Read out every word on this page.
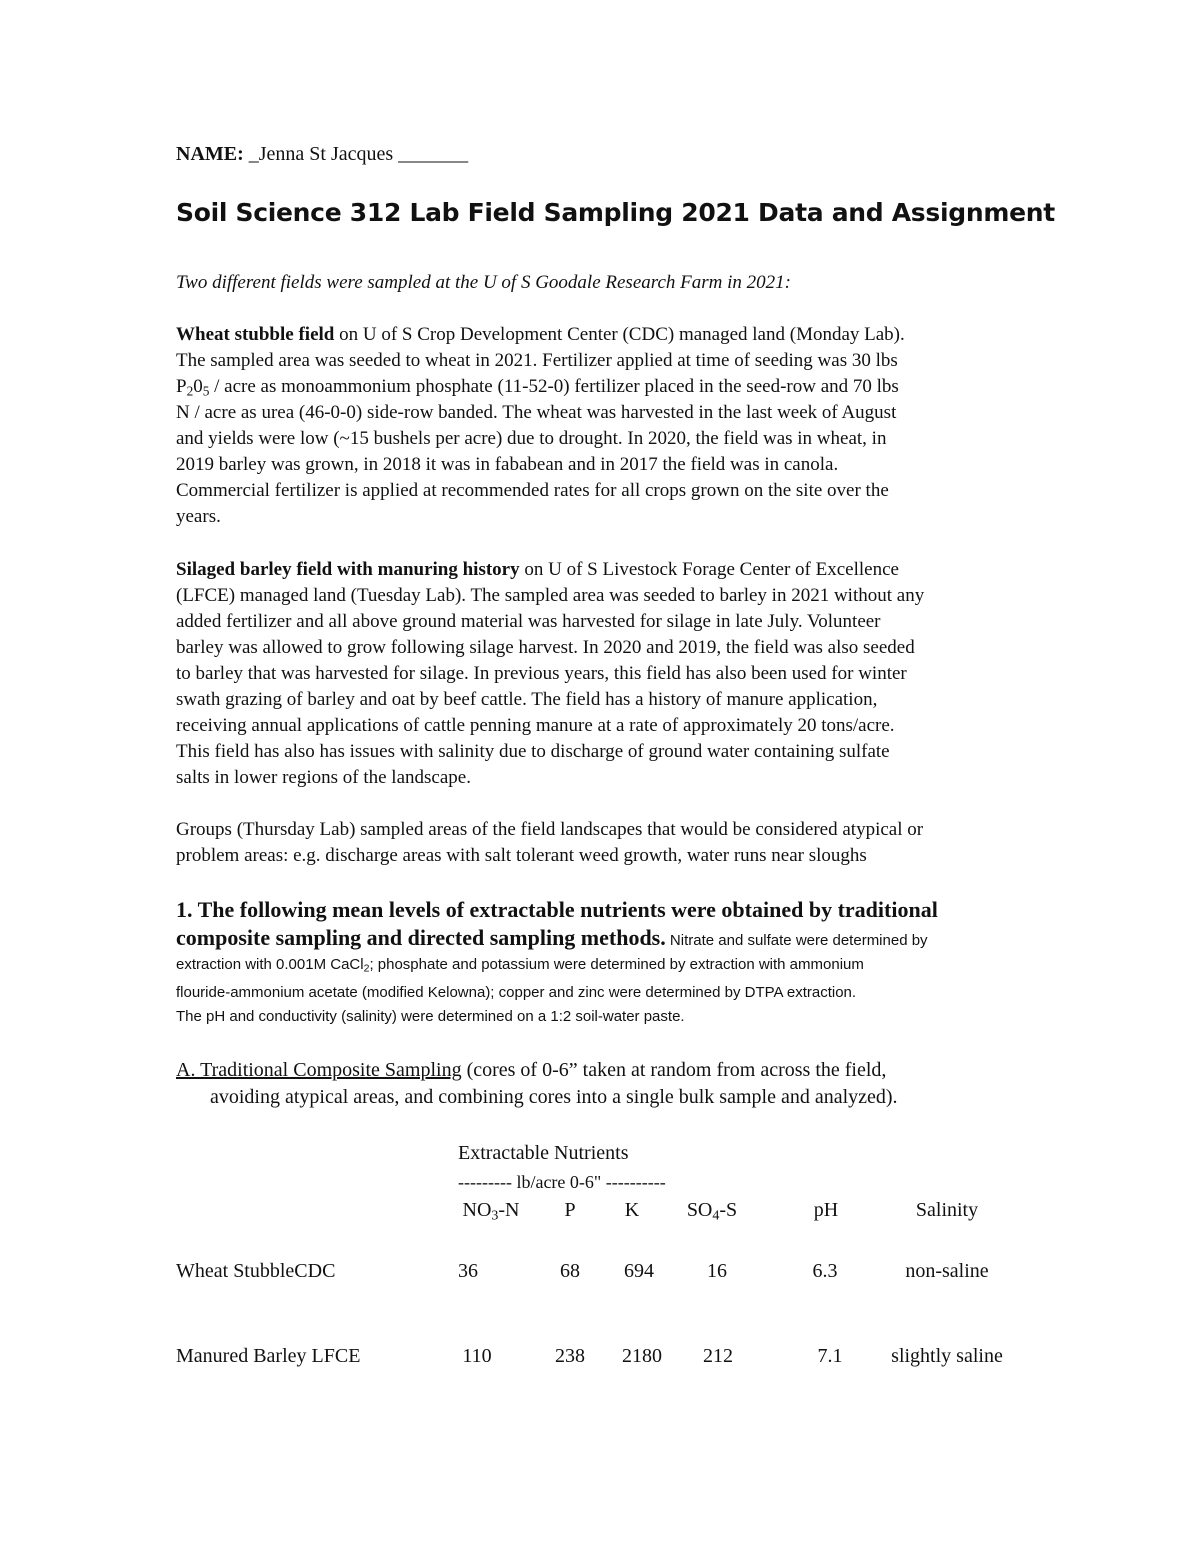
NAME: _Jenna St Jacques _______
Soil Science 312 Lab Field Sampling 2021 Data and Assignment
Two different fields were sampled at the U of S Goodale Research Farm in 2021:
Wheat stubble field on U of S Crop Development Center (CDC) managed land (Monday Lab).
The sampled area was seeded to wheat in 2021. Fertilizer applied at time of seeding was 30 lbs
$P_20_5$ / acre as monoammonium phosphate (11-52-0) fertilizer placed in the seed-row and 70 lbs
N / acre as urea (46-0-0) side-row banded. The wheat was harvested in the last week of August
and yields were low (~15 bushels per acre) due to drought. In 2020, the field was in wheat, in
2019 barley was grown, in 2018 it was in fababean and in 2017 the field was in canola.
Commercial fertilizer is applied at recommended rates for all crops grown on the site over the
years.
Silaged barley field with manuring history on U of S Livestock Forage Center of Excellence
(LFCE) managed land (Tuesday Lab). The sampled area was seeded to barley in 2021 without any
added fertilizer and all above ground material was harvested for silage in late July. Volunteer
barley was allowed to grow following silage harvest. In 2020 and 2019, the field was also seeded
to barley that was harvested for silage. In previous years, this field has also been used for winter
swath grazing of barley and oat by beef cattle. The field has a history of manure application,
receiving annual applications of cattle penning manure at a rate of approximately 20 tons/acre.
This field has also has issues with salinity due to discharge of ground water containing sulfate
salts in lower regions of the landscape.
Groups (Thursday Lab) sampled areas of the field landscapes that would be considered atypical or
problem areas: e.g. discharge areas with salt tolerant weed growth, water runs near sloughs
1. The following mean levels of extractable nutrients were obtained by traditional
composite sampling and directed sampling methods. Nitrate and sulfate were determined by
extraction with 0.001M CaCl$_2$; phosphate and potassium were determined by extraction with ammonium
flouride-ammonium acetate (modified Kelowna); copper and zinc were determined by DTPA extraction.
The pH and conductivity (salinity) were determined on a 1:2 soil-water paste.
A. Traditional Composite Sampling (cores of 0-6” taken at random from across the field,
avoiding atypical areas, and combining cores into a single bulk sample and analyzed).
Extractable Nutrients
--------- lb/acre 0-6" ----------
$NO_3-N$ P K $SO_4-S$	pH	Salinity
Wheat StubbleCDC	36	68 694	16	6.3	non-saline
Manured Barley LFCE	110	238 2180 212	7.1 slightly saline
